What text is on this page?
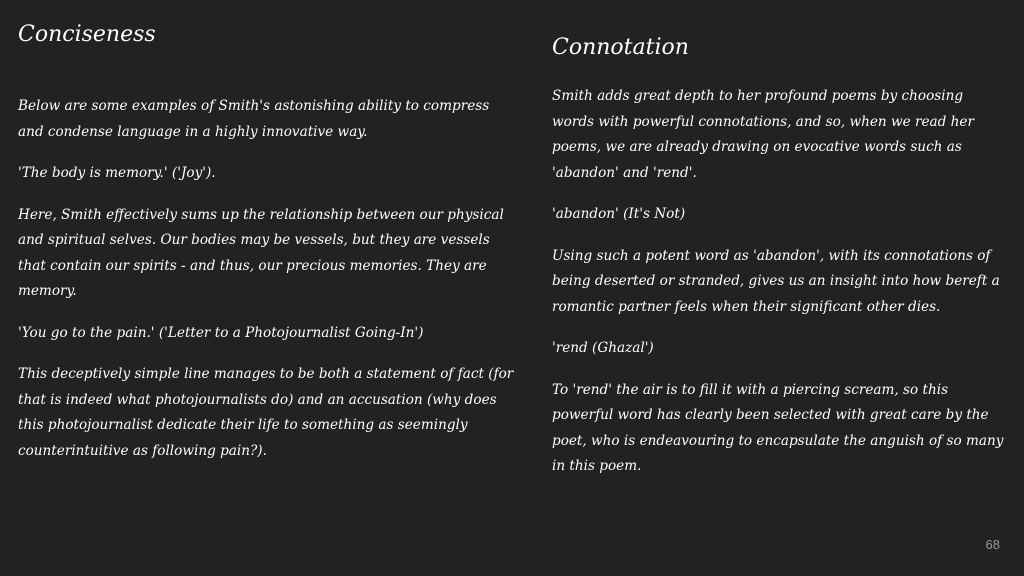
Conciseness

Below are some examples of Smith's astonishing ability to compress and condense language in a highly innovative way.

'The body is memory.' ('Joy').

Here, Smith effectively sums up the relationship between our physical and spiritual selves. Our bodies may be vessels, but they are vessels that contain our spirits - and thus, our precious memories. They are memory.

'You go to the pain.' ('Letter to a Photojournalist Going-In')

This deceptively simple line manages to be both a statement of fact (for that is indeed what photojournalists do) and an accusation (why does this photojournalist dedicate their life to something as seemingly counterintuitive as following pain?).

Connotation

Smith adds great depth to her profound poems by choosing words with powerful connotations, and so, when we read her poems, we are already drawing on evocative words such as 'abandon' and 'rend'.

'abandon' (It's Not)

Using such a potent word as 'abandon', with its connotations of being deserted or stranded, gives us an insight into how bereft a romantic partner feels when their significant other dies.

'rend (Ghazal')

To 'rend' the air is to fill it with a piercing scream, so this powerful word has clearly been selected with great care by the poet, who is endeavouring to encapsulate the anguish of so many in this poem.

68
